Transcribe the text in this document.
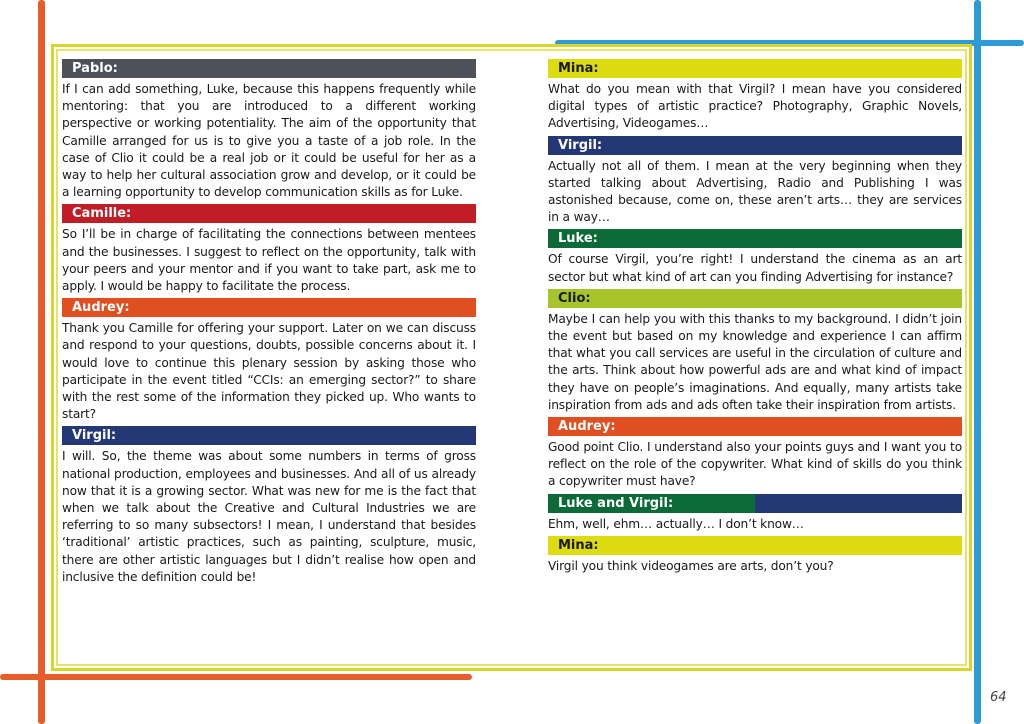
Pablo:

If I can add something, Luke, because this happens frequently while mentoring: that you are introduced to a different working perspective or working potentiality. The aim of the opportunity that Camille arranged for us is to give you a taste of a job role. In the case of Clio it could be a real job or it could be useful for her as a way to help her cultural association grow and develop, or it could be a learning opportunity to develop communication skills as for Luke.

Camille:

So I’ll be in charge of facilitating the connections between mentees and the businesses. I suggest to reflect on the opportunity, talk with your peers and your mentor and if you want to take part, ask me to apply. I would be happy to facilitate the process.

Audrey:

Thank you Camille for offering your support. Later on we can discuss and respond to your questions, doubts, possible concerns about it. I would love to continue this plenary session by asking those who participate in the event titled “CCIs: an emerging sector?” to share with the rest some of the information they picked up. Who wants to start?

Virgil:

I will. So, the theme was about some numbers in terms of gross national production, employees and businesses. And all of us already now that it is a growing sector. What was new for me is the fact that when we talk about the Creative and Cultural Industries we are referring to so many subsectors! I mean, I understand that besides ‘traditional’ artistic practices, such as painting, sculpture, music, there are other artistic languages but I didn’t realise how open and inclusive the definition could be!

Mina:

What do you mean with that Virgil? I mean have you considered digital types of artistic practice? Photography, Graphic Novels, Advertising, Videogames…

Virgil:

Actually not all of them. I mean at the very beginning when they started talking about Advertising, Radio and Publishing I was astonished because, come on, these aren’t arts… they are services in a way…

Luke:

Of course Virgil, you’re right! I understand the cinema as an art sector but what kind of art can you finding Advertising for instance?

Clio:

Maybe I can help you with this thanks to my background. I didn’t join the event but based on my knowledge and experience I can affirm that what you call services are useful in the circulation of culture and the arts. Think about how powerful ads are and what kind of impact they have on people’s imaginations. And equally, many artists take inspiration from ads and ads often take their inspiration from artists.

Audrey:

Good point Clio. I understand also your points guys and I want you to reflect on the role of the copywriter. What kind of skills do you think a copywriter must have?

Luke and Virgil:

Ehm, well, ehm… actually… I don’t know…

Mina:

Virgil you think videogames are arts, don’t you?

64
